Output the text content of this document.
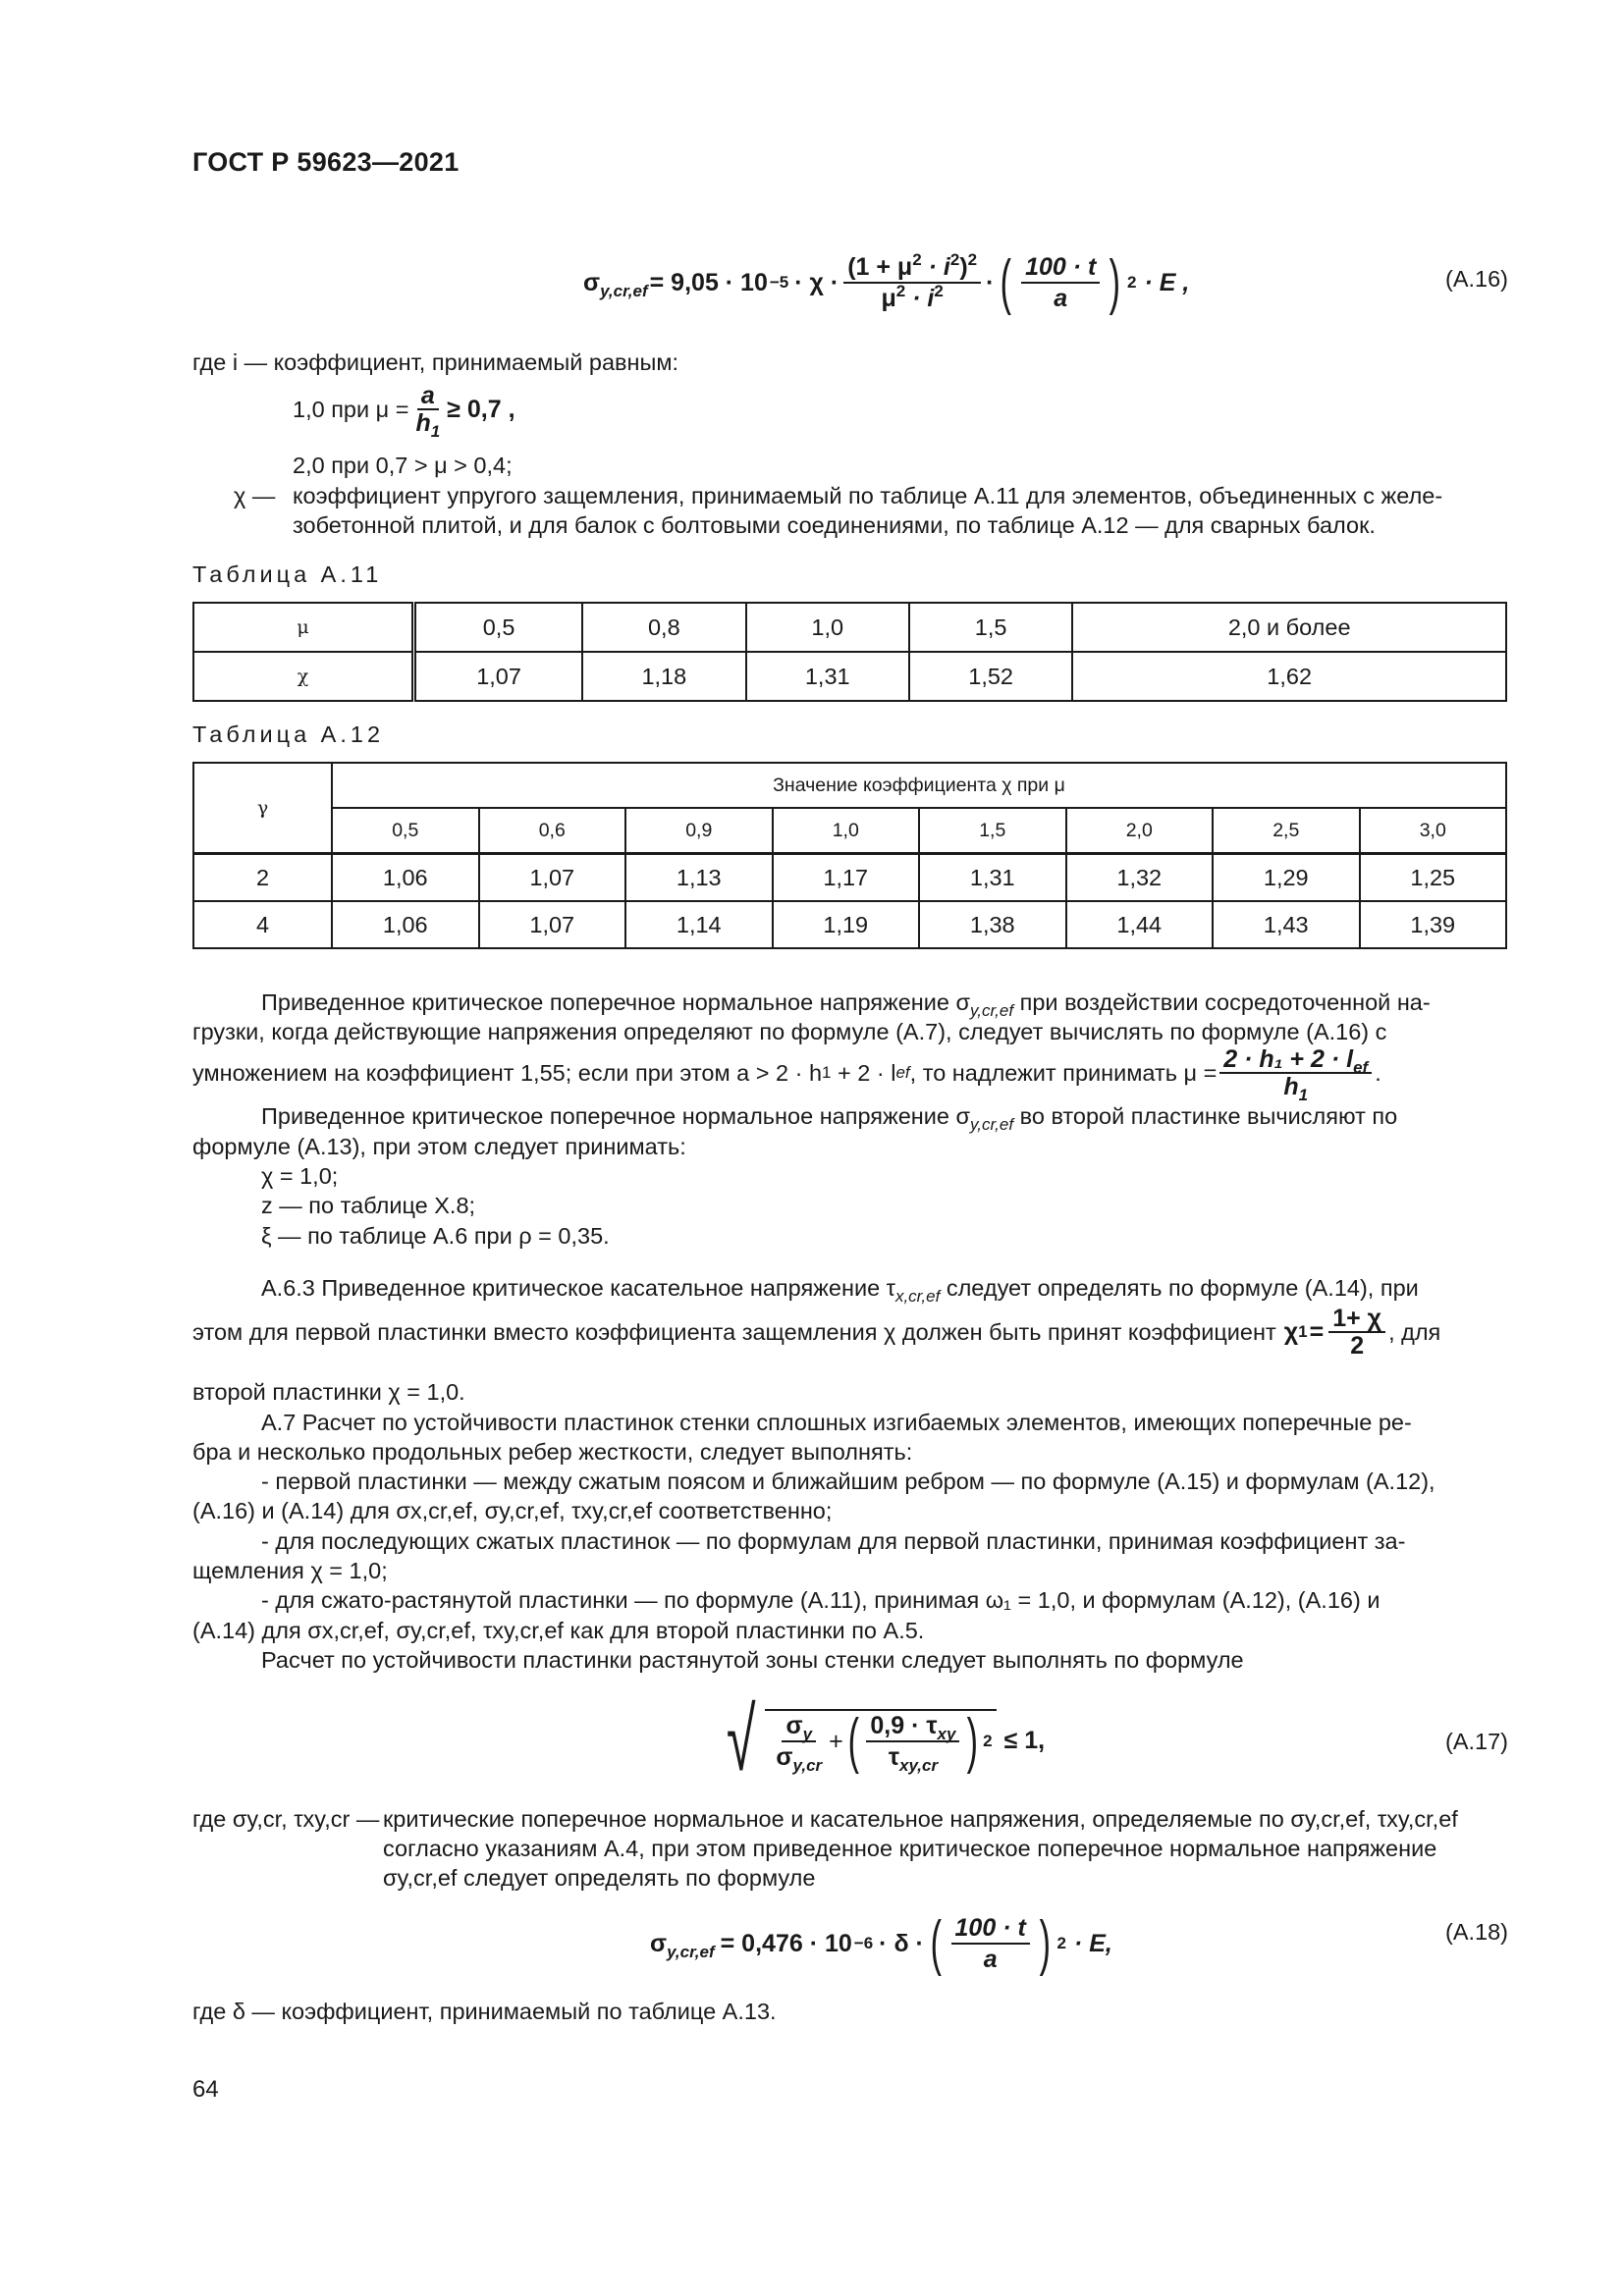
ГОСТ Р 59623—2021
$\sigma_{y,cr,ef} = 9,05 \cdot 10 -5 \cdot \chi \cdot \frac{(1 + \mu^2 \cdot i^2)^2}{\mu^2 \cdot i^2}$ · ( $\frac{100 \cdot t}{a}$ ) 2 · E ,	(А.16)
где i — коэффициент, принимаемый равным:
1,0 при $\mu = \frac{a}{h_1} \ge 0,7$ ,
2,0 при 0,7 > μ > 0,4;
χ — коэффициент упругого защемления, принимаемый по таблице А.11 для элементов, объединенных с желе-
зобетонной плитой, и для балок с болтовыми соединениями, по таблице А.12 — для сварных балок.
Таблица А.11
μ	0,5	0,8	1,0	1,5	2,0 и более
χ	1,07	1,18	1,31	1,52	1,62
Таблица А.12
γ	Значение коэффициента χ при μ							
	0,5	0,6	0,9	1,0	1,5	2,0	2,5	3,0
2	1,06	1,07	1,13	1,17	1,31	1,32	1,29	1,25
4	1,06	1,07	1,14	1,19	1,38	1,44	1,43	1,39
Приведенное критическое поперечное нормальное напряжение $\sigma_{y,cr,ef}$ при воздействии сосредоточенной на-
грузки, когда действующие напряжения определяют по формуле (А.7), следует вычислять по формуле (А.16) с
умножением на коэффициент 1,55; если при этом a > 2 · h 1 + 2 · l ef , то надлежит принимать $\mu = \frac{2 \cdot h_1 + 2 \cdot l_{ef}}{h_1}$ .
Приведенное критическое поперечное нормальное напряжение $\sigma_{y,cr,ef}$ во второй пластинке вычисляют по
формуле (А.13), при этом следует принимать:
χ = 1,0;
z — по таблице Х.8;
ξ — по таблице А.6 при ρ = 0,35.
А.6.3 Приведенное критическое касательное напряжение $\tau_{x,cr,ef}$ следует определять по формуле (А.14), при
этом для первой пластинки вместо коэффициента защемления χ должен быть принят коэффициент χ $1 = \frac{1+ \chi}{2}$ , для
второй пластинки χ = 1,0.
А.7 Расчет по устойчивости пластинок стенки сплошных изгибаемых элементов, имеющих поперечные ре-
бра и несколько продольных ребер жесткости, следует выполнять:
- первой пластинки — между сжатым поясом и ближайшим ребром — по формуле (А.15) и формулам (А.12),
(А.16) и (А.14) для σx,cr,ef, σy,cr,ef, τxy,cr,ef соответственно;
- для последующих сжатых пластинок — по формулам для первой пластинки, принимая коэффициент за-
щемления χ = 1,0;
- для сжато-растянутой пластинки — по формуле (А.11), принимая ω₁ = 1,0, и формулам (А.12), (А.16) и
(А.14) для σx,cr,ef, σy,cr,ef, τxy,cr,ef как для второй пластинки по А.5.
Расчет по устойчивости пластинки растянутой зоны стенки следует выполнять по формуле
√ $\frac{\sigma_y}{\sigma_{y,cr}}$ + ( $\frac{0,9 \cdot \tau_{xy}}{\tau_{xy,cr}}$ ) 2 ≤ 1,	(А.17)
где σy,cr, τxy,cr — критические поперечное нормальное и касательное напряжения, определяемые по σy,cr,ef, τxy,cr,ef
согласно указаниям А.4, при этом приведенное критическое поперечное нормальное напряжение
σy,cr,ef следует определять по формуле
$\sigma_{y,cr,ef} = 0,476 \cdot 10 -6 \cdot \delta$ · ( $\frac{100 \cdot t}{a}$ ) 2 · E,	(А.18)
где δ — коэффициент, принимаемый по таблице А.13.
64
